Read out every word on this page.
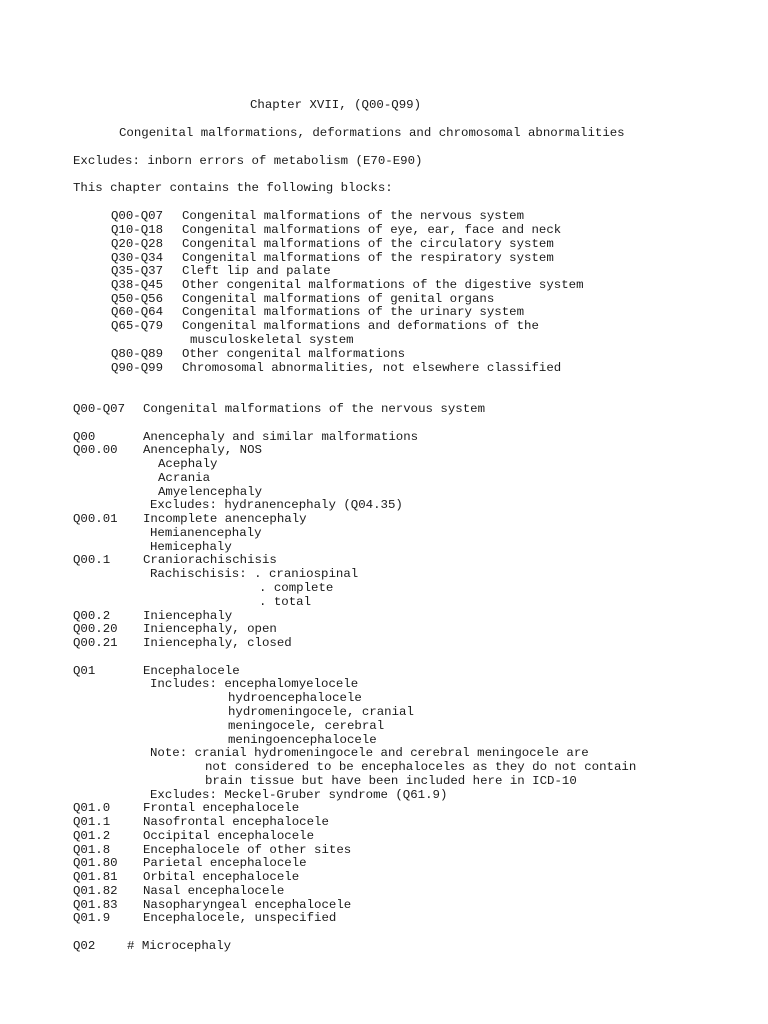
Chapter XVII, (Q00-Q99)
Congenital malformations, deformations and chromosomal abnormalities
Excludes: inborn errors of metabolism (E70-E90)
This chapter contains the following blocks:
Q00-Q07 Congenital malformations of the nervous system
Q10-Q18 Congenital malformations of eye, ear, face and neck
Q20-Q28 Congenital malformations of the circulatory system
Q30-Q34 Congenital malformations of the respiratory system
Q35-Q37 Cleft lip and palate
Q38-Q45 Other congenital malformations of the digestive system
Q50-Q56 Congenital malformations of genital organs
Q60-Q64 Congenital malformations of the urinary system
Q65-Q79 Congenital malformations and deformations of the
musculoskeletal system
Q80-Q89 Other congenital malformations
Q90-Q99 Chromosomal abnormalities, not elsewhere classified
Q00-Q07 Congenital malformations of the nervous system
Q00	Anencephaly and similar malformations
Q00.00 Anencephaly, NOS
Acephaly
Acrania
Amyelencephaly
Excludes: hydranencephaly (Q04.35)
Q00.01 Incomplete anencephaly
Hemianencephaly
Hemicephaly
Q00.1	Craniorachischisis
Rachischisis: . craniospinal
. complete
. total
Q00.2	Iniencephaly
Q00.20 Iniencephaly, open
Q00.21 Iniencephaly, closed
Q01	Encephalocele
Includes: encephalomyelocele
hydroencephalocele
hydromeningocele, cranial
meningocele, cerebral
meningoencephalocele
Note: cranial hydromeningocele and cerebral meningocele are
not considered to be encephaloceles as they do not contain
brain tissue but have been included here in ICD-10
Excludes: Meckel-Gruber syndrome (Q61.9)
Q01.0	Frontal encephalocele
Q01.1	Nasofrontal encephalocele
Q01.2	Occipital encephalocele
Q01.8	Encephalocele of other sites
Q01.80 Parietal encephalocele
Q01.81 Orbital encephalocele
Q01.82 Nasal encephalocele
Q01.83 Nasopharyngeal encephalocele
Q01.9	Encephalocele, unspecified
Q02	# Microcephaly
